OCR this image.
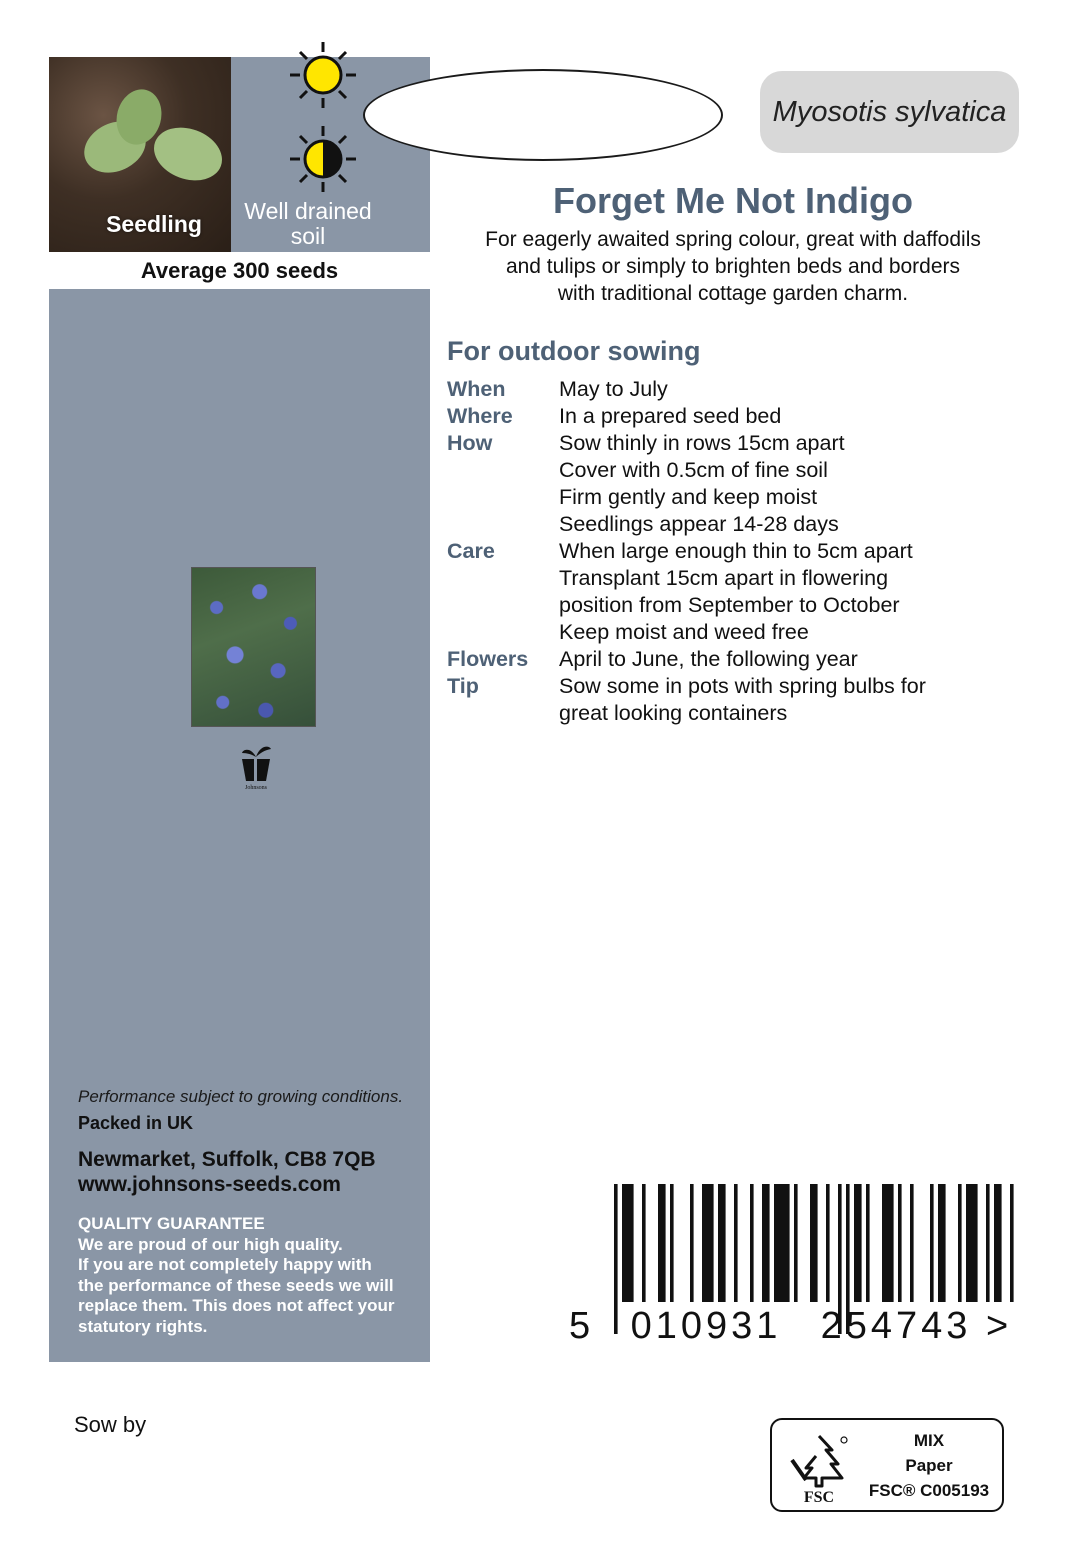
Seedling	Well drained
soil
Average 300 seeds
Johnsons
Performance subject to growing conditions.
Packed in UK
Newmarket, Suffolk, CB8 7QB
www.johnsons-seeds.com
QUALITY GUARANTEE
We are proud of our high quality.
If you are not completely happy with
the performance of these seeds we will
replace them. This does not affect your
statutory rights.
Sow by
Myosotis sylvatica
Forget Me Not Indigo
For eagerly awaited spring colour, great with daffodils
and tulips or simply to brighten beds and borders
with traditional cottage garden charm.
For outdoor sowing
When	May to July
Where	In a prepared seed bed
How	Sow thinly in rows 15cm apart
Cover with 0.5cm of fine soil
Firm gently and keep moist
Seedlings appear 14-28 days
Care	When large enough thin to 5cm apart
Transplant 15cm apart in flowering
position from September to October
Keep moist and weed free
Flowers	April to June, the following year
Tip	Sow some in pots with spring bulbs for
great looking containers
5 010931 254743 >
FSC
MIX
Paper
FSC® C005193
